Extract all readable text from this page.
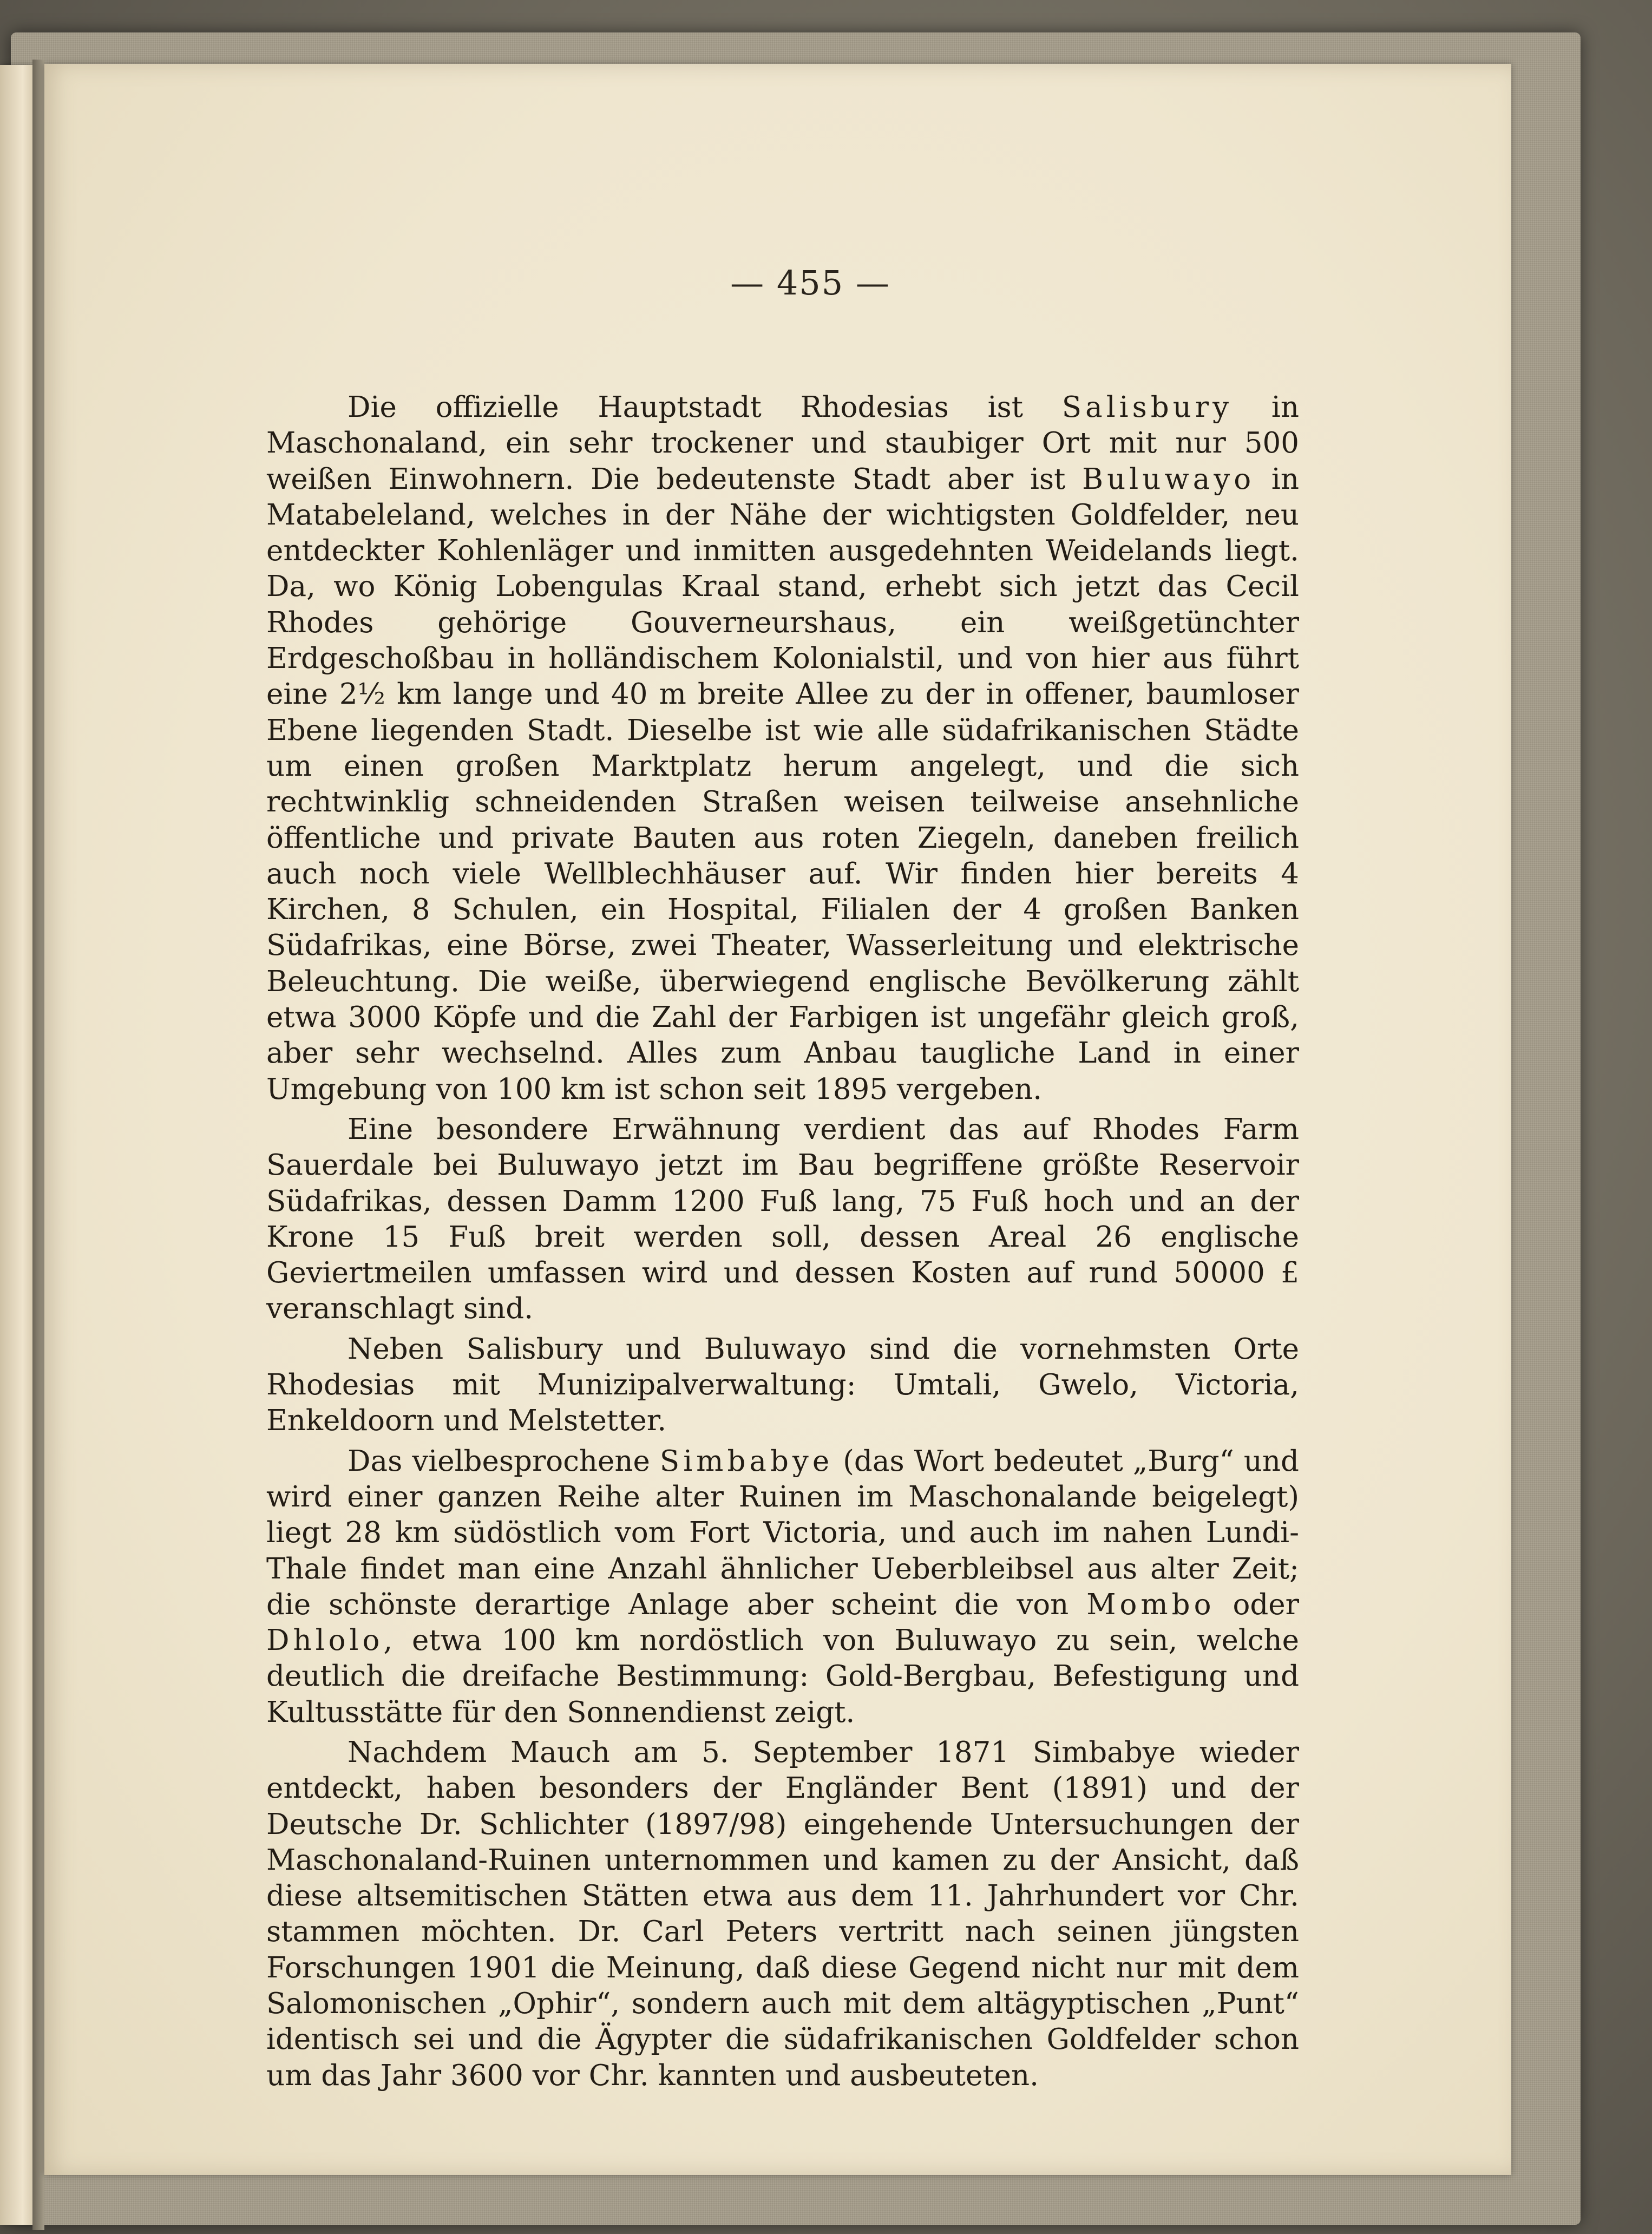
— 455 —

Die offizielle Hauptstadt Rhodesias ist Salisbury in Maschonaland, ein sehr trockener und staubiger Ort mit nur 500 weißen Einwohnern. Die bedeutenste Stadt aber ist Buluwayo in Matabeleland, welches in der Nähe der wichtigsten Goldfelder, neu entdeckter Kohlenläger und inmitten ausgedehnten Weidelands liegt. Da, wo König Lobengulas Kraal stand, erhebt sich jetzt das Cecil Rhodes gehörige Gouverneurshaus, ein weißgetünchter Erdgeschoßbau in holländischem Kolonialstil, und von hier aus führt eine 2½ km lange und 40 m breite Allee zu der in offener, baumloser Ebene liegenden Stadt. Dieselbe ist wie alle südafrikanischen Städte um einen großen Marktplatz herum angelegt, und die sich rechtwinklig schneidenden Straßen weisen teilweise ansehnliche öffentliche und private Bauten aus roten Ziegeln, daneben freilich auch noch viele Wellblechhäuser auf. Wir finden hier bereits 4 Kirchen, 8 Schulen, ein Hospital, Filialen der 4 großen Banken Südafrikas, eine Börse, zwei Theater, Wasserleitung und elektrische Beleuchtung. Die weiße, überwiegend englische Bevölkerung zählt etwa 3000 Köpfe und die Zahl der Farbigen ist ungefähr gleich groß, aber sehr wechselnd. Alles zum Anbau taugliche Land in einer Umgebung von 100 km ist schon seit 1895 vergeben.

Eine besondere Erwähnung verdient das auf Rhodes Farm Sauerdale bei Buluwayo jetzt im Bau begriffene größte Reservoir Südafrikas, dessen Damm 1200 Fuß lang, 75 Fuß hoch und an der Krone 15 Fuß breit werden soll, dessen Areal 26 englische Geviertmeilen umfassen wird und dessen Kosten auf rund 50000 £ veranschlagt sind.

Neben Salisbury und Buluwayo sind die vornehmsten Orte Rhodesias mit Munizipalverwaltung: Umtali, Gwelo, Victoria, Enkeldoorn und Melstetter.

Das vielbesprochene Simbabye (das Wort bedeutet „Burg“ und wird einer ganzen Reihe alter Ruinen im Maschonalande beigelegt) liegt 28 km südöstlich vom Fort Victoria, und auch im nahen Lundi-Thale findet man eine Anzahl ähnlicher Ueberbleibsel aus alter Zeit; die schönste derartige Anlage aber scheint die von Mombo oder Dhlolo, etwa 100 km nordöstlich von Buluwayo zu sein, welche deutlich die dreifache Bestimmung: Gold-Bergbau, Befestigung und Kultusstätte für den Sonnendienst zeigt.

Nachdem Mauch am 5. September 1871 Simbabye wieder entdeckt, haben besonders der Engländer Bent (1891) und der Deutsche Dr. Schlichter (1897/98) eingehende Untersuchungen der Maschonaland-Ruinen unternommen und kamen zu der Ansicht, daß diese altsemitischen Stätten etwa aus dem 11. Jahrhundert vor Chr. stammen möchten. Dr. Carl Peters vertritt nach seinen jüngsten Forschungen 1901 die Meinung, daß diese Gegend nicht nur mit dem Salomonischen „Ophir“, sondern auch mit dem altägyptischen „Punt“ identisch sei und die Ägypter die südafrikanischen Goldfelder schon um das Jahr 3600 vor Chr. kannten und ausbeuteten.
